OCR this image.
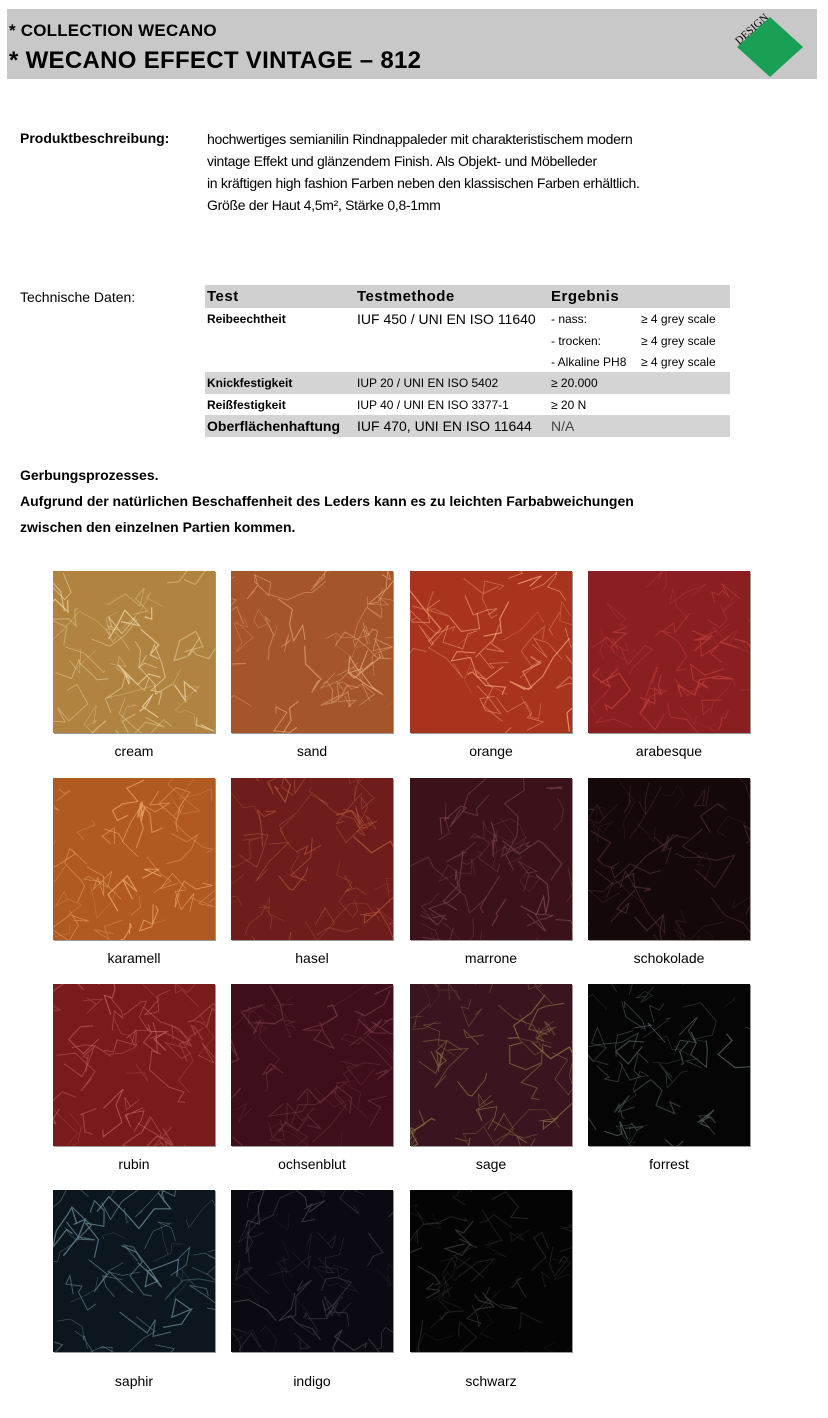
* COLLECTION WECANO
* WECANO EFFECT VINTAGE – 812
DESIGN
Produktbeschreibung:	hochwertiges semianilin Rindnappaleder mit charakteristischem modern
vintage Effekt und glänzendem Finish. Als Objekt- und Möbelleder
in kräftigen high fashion Farben neben den klassischen Farben erhältlich.
Größe der Haut 4,5m², Stärke 0,8-1mm
Technische Daten:	Test	Testmethode	Ergebnis	
Reibeechtheit	IUF 450 / UNI EN ISO 11640	- nass:	≥ 4 grey scale
		- trocken:	≥ 4 grey scale
		- Alkaline PH8	≥ 4 grey scale
Knickfestigkeit	IUP 20 / UNI EN ISO 5402	≥ 20.000	
Reißfestigkeit	IUP 40 / UNI EN ISO 3377-1	≥ 20 N	
Oberflächenhaftung	IUF 470, UNI EN ISO 11644	N/A	
Gerbungsprozesses.
Aufgrund der natürlichen Beschaffenheit des Leders kann es zu leichten Farbabweichungen
zwischen den einzelnen Partien kommen.
cream	sand	orange	arabesque
karamell	hasel	marrone	schokolade
rubin	ochsenblut	sage	forrest
saphir	indigo	schwarz
